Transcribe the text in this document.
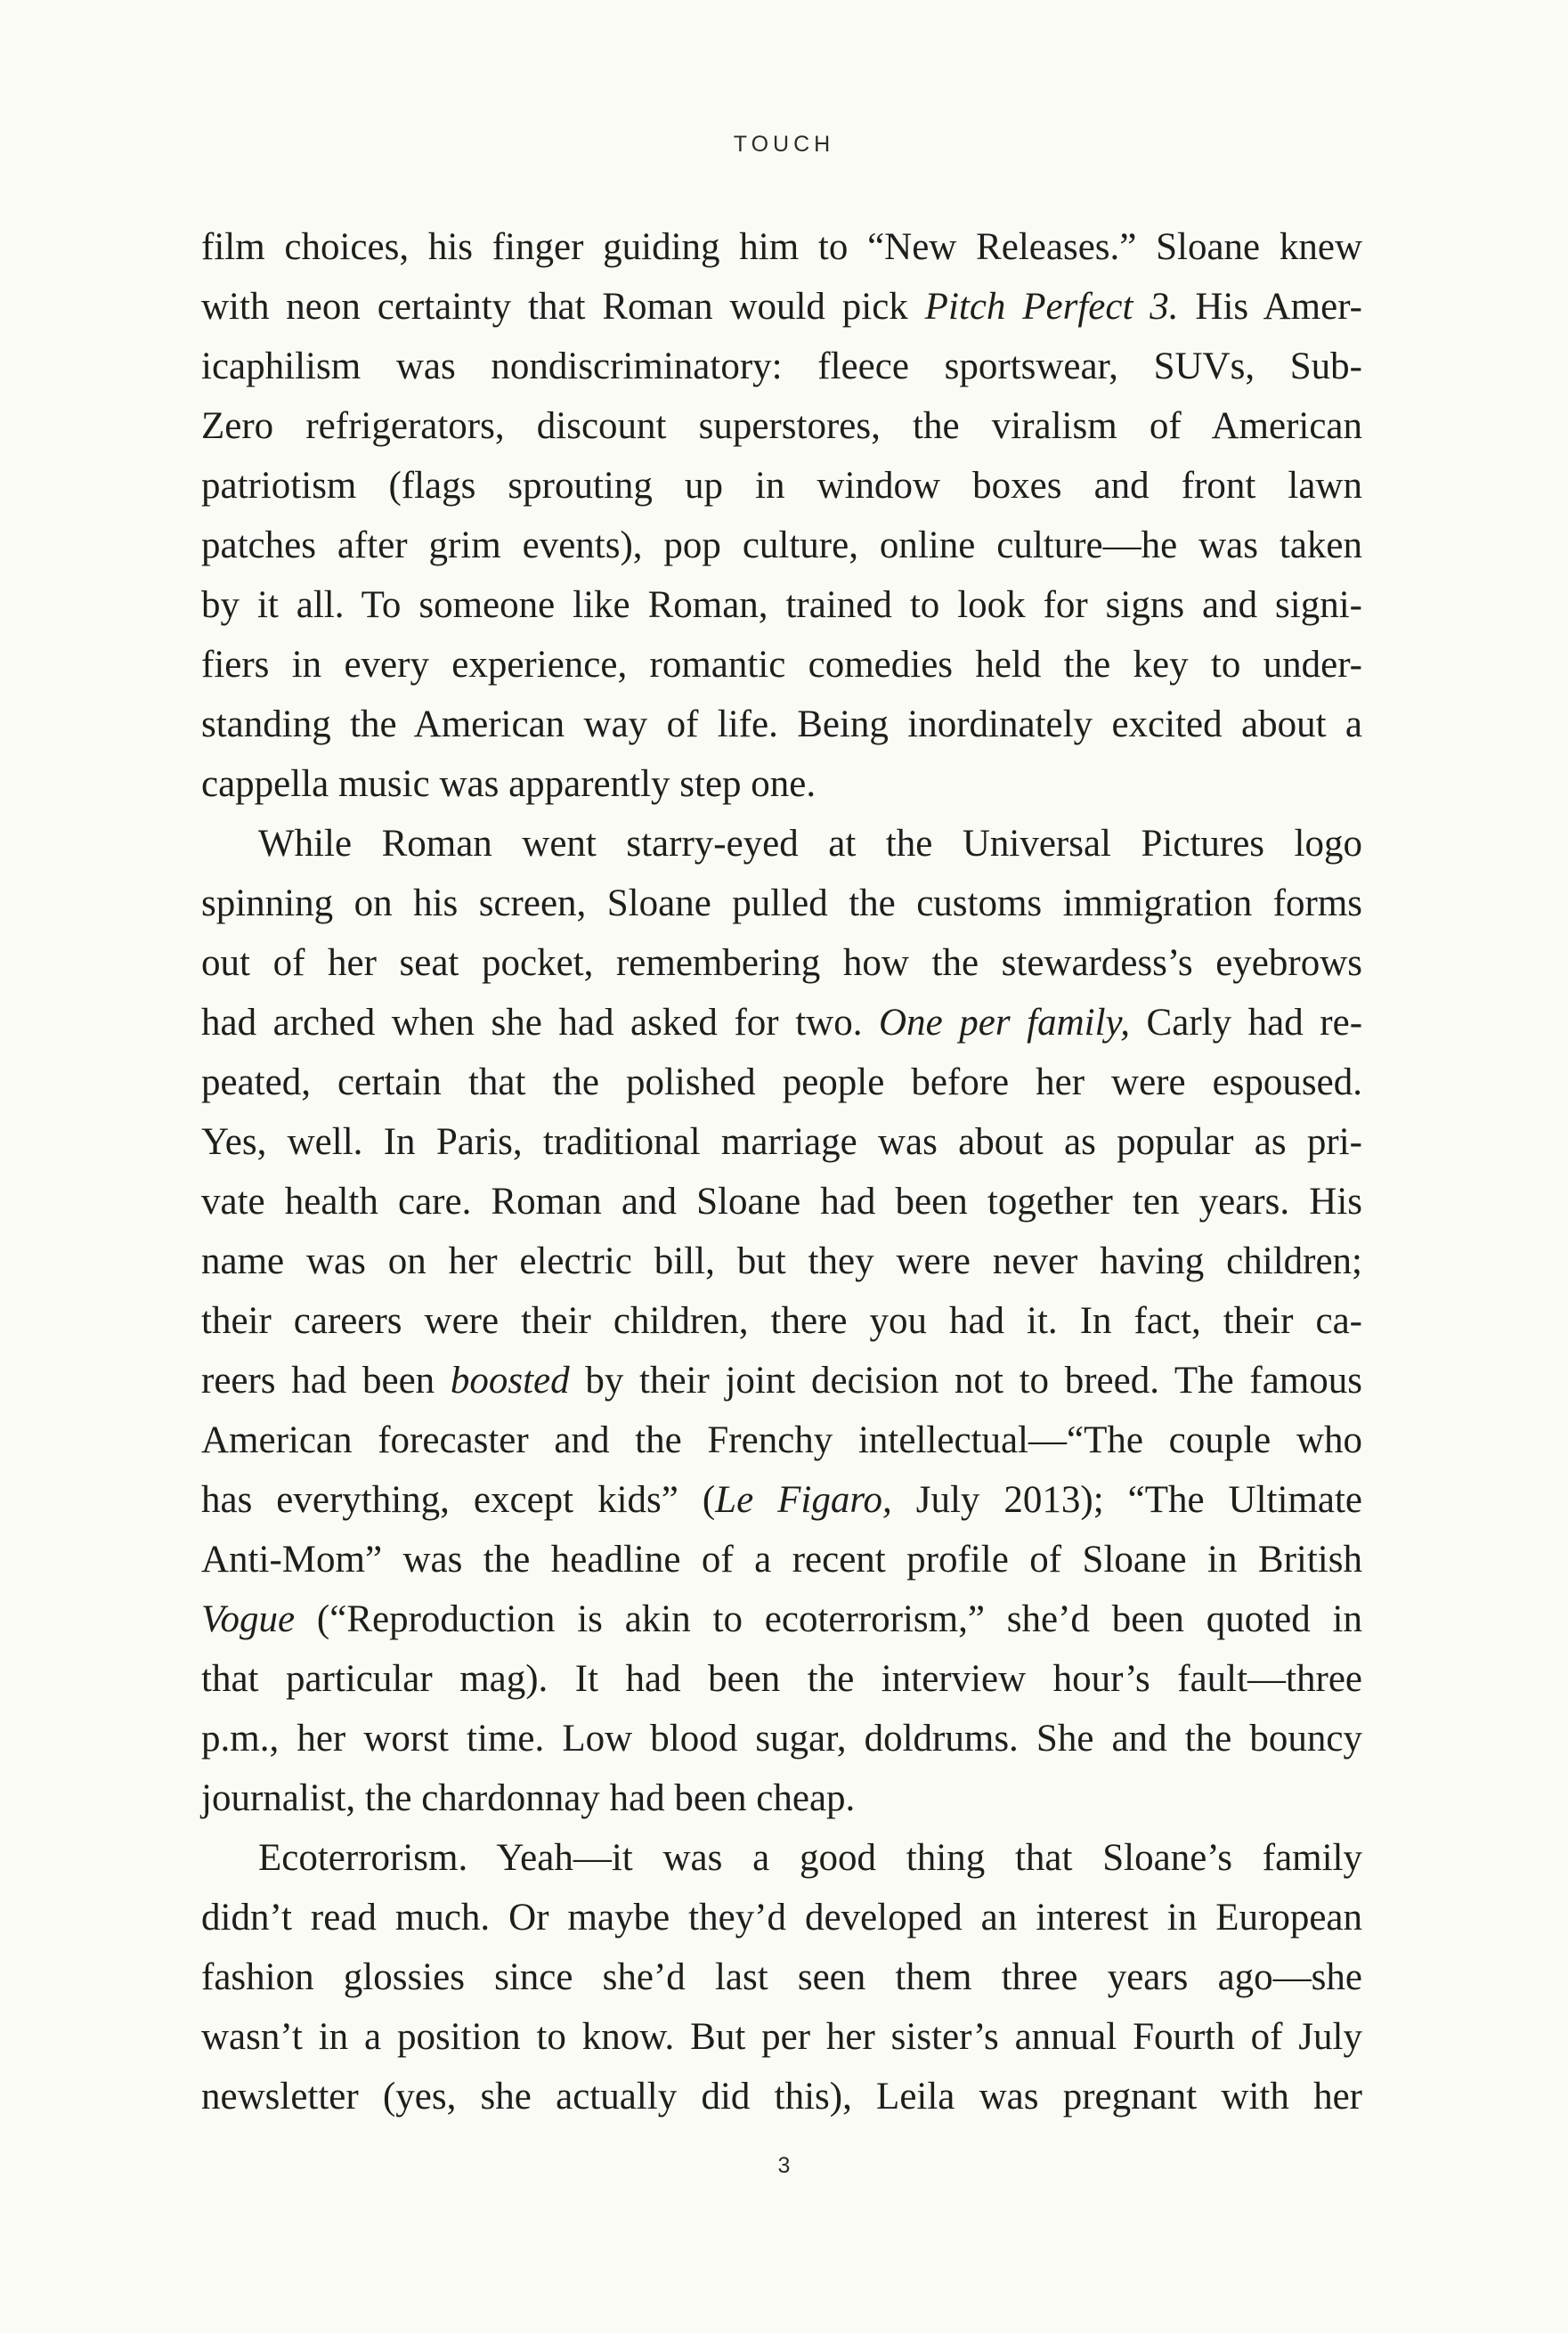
TOUCH
film choices, his finger guiding him to “New Releases.” Sloane knew
with neon certainty that Roman would pick Pitch Perfect 3. His Amer-
icaphilism was nondiscriminatory: fleece sportswear, SUVs, Sub-
Zero refrigerators, discount superstores, the viralism of American
patriotism (flags sprouting up in window boxes and front lawn
patches after grim events), pop culture, online culture—he was taken
by it all. To someone like Roman, trained to look for signs and signi-
fiers in every experience, romantic comedies held the key to under-
standing the American way of life. Being inordinately excited about a
cappella music was apparently step one.
While Roman went starry-eyed at the Universal Pictures logo
spinning on his screen, Sloane pulled the customs immigration forms
out of her seat pocket, remembering how the stewardess’s eyebrows
had arched when she had asked for two. One per family, Carly had re-
peated, certain that the polished people before her were espoused.
Yes, well. In Paris, traditional marriage was about as popular as pri-
vate health care. Roman and Sloane had been together ten years. His
name was on her electric bill, but they were never having children;
their careers were their children, there you had it. In fact, their ca-
reers had been boosted by their joint decision not to breed. The famous
American forecaster and the Frenchy intellectual—“The couple who
has everything, except kids” (Le Figaro, July 2013); “The Ultimate
Anti-Mom” was the headline of a recent profile of Sloane in British
Vogue (“Reproduction is akin to ecoterrorism,” she’d been quoted in
that particular mag). It had been the interview hour’s fault—three
p.m., her worst time. Low blood sugar, doldrums. She and the bouncy
journalist, the chardonnay had been cheap.
Ecoterrorism. Yeah—it was a good thing that Sloane’s family
didn’t read much. Or maybe they’d developed an interest in European
fashion glossies since she’d last seen them three years ago—she
wasn’t in a position to know. But per her sister’s annual Fourth of July
newsletter (yes, she actually did this), Leila was pregnant with her
3
